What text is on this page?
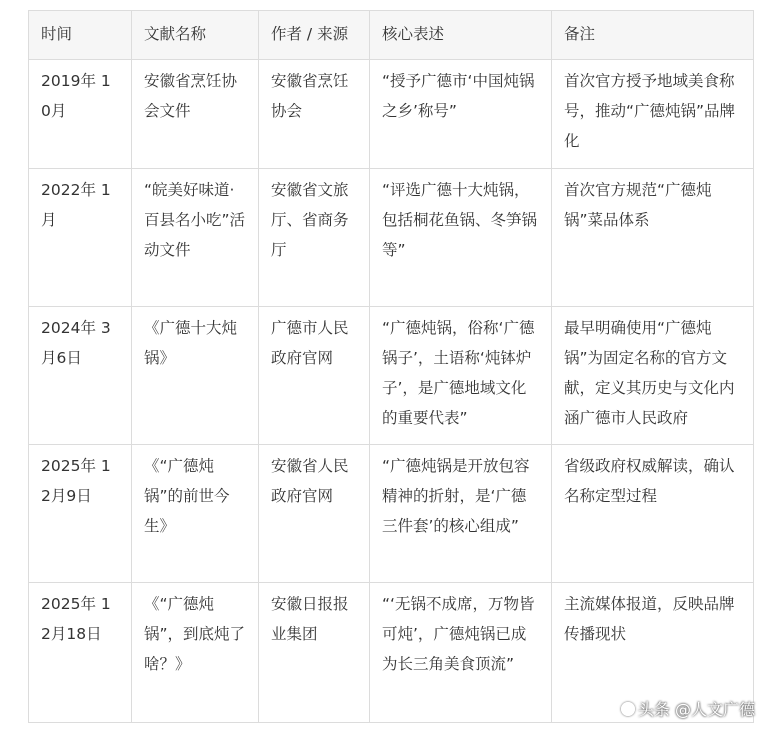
时间	文献名称	作者 / 来源	核心表述	备注
2019年 10月	安徽省烹饪协会文件	安徽省烹饪协会	“授予广德市‘中国炖锅之乡’称号”	首次官方授予地域美食称号，推动“广德炖锅”品牌化
2022年 1月	“皖美好味道·百县名小吃”活动文件	安徽省文旅厅、省商务厅	“评选广德十大炖锅，包括桐花鱼锅、冬笋锅等”	首次官方规范“广德炖锅”菜品体系
2024年 3月6日	《广德十大炖锅》	广德市人民政府官网	“广德炖锅，俗称‘广德锅子’，土语称‘炖钵炉子’，是广德地域文化的重要代表”	最早明确使用“广德炖锅”为固定名称的官方文献，定义其历史与文化内涵广德市人民政府
2025年 12月9日	《“广德炖锅”的前世今生》	安徽省人民政府官网	“广德炖锅是开放包容精神的折射，是‘广德三件套’的核心组成”	省级政府权威解读，确认名称定型过程
2025年 12月18日	《“广德炖锅”，到底炖了啥？》	安徽日报报业集团	“‘无锅不成席，万物皆可炖’，广德炖锅已成为长三角美食顶流”	主流媒体报道，反映品牌传播现状
头条 @人文广德
